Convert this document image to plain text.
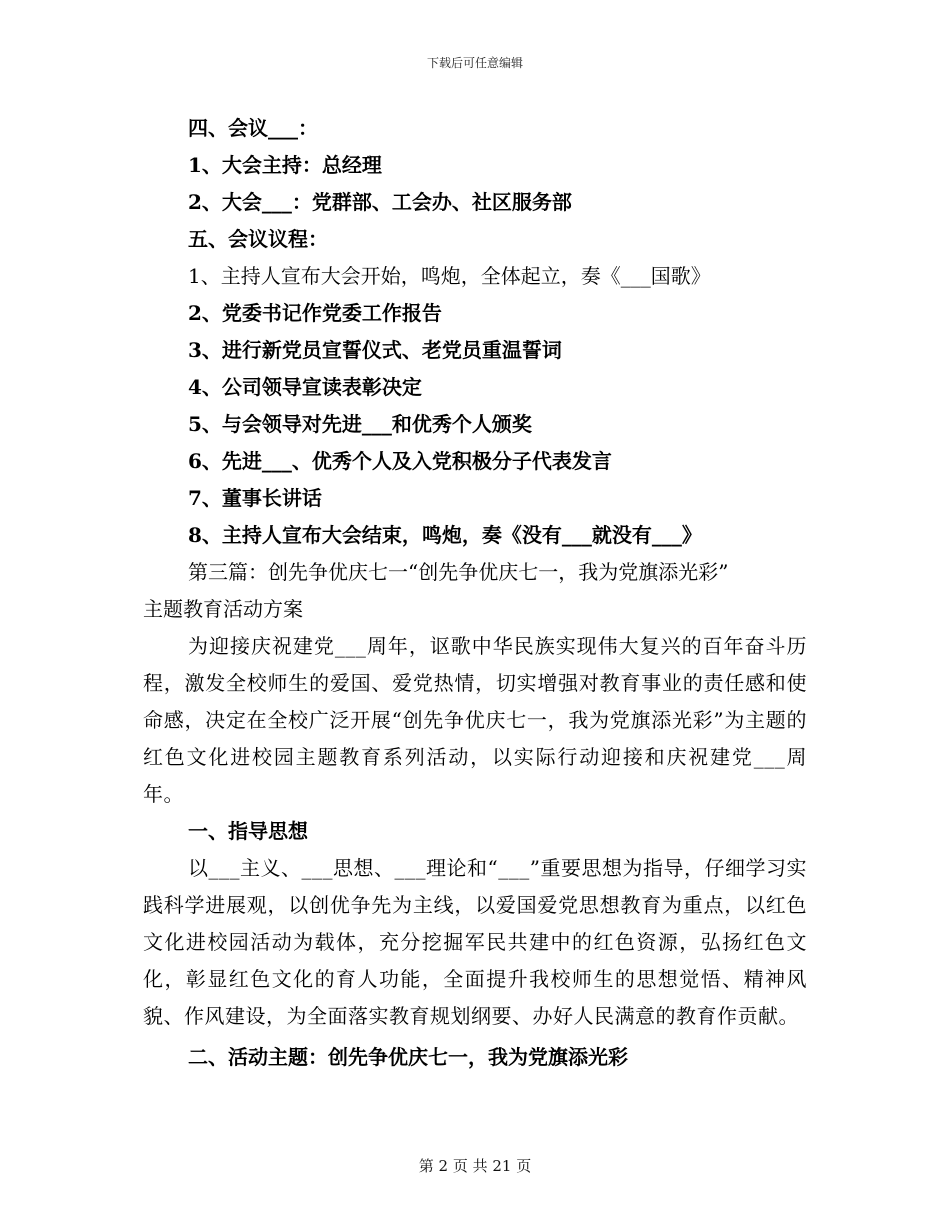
下载后可任意编辑
四、会议___：
1、大会主持：总经理
2、大会___：党群部、工会办、社区服务部
五、会议议程：
1、主持人宣布大会开始，鸣炮，全体起立，奏《___国歌》
2、党委书记作党委工作报告
3、进行新党员宣誓仪式、老党员重温誓词
4、公司领导宣读表彰决定
5、与会领导对先进___和优秀个人颁奖
6、先进___、优秀个人及入党积极分子代表发言
7、董事长讲话
8、主持人宣布大会结束，鸣炮，奏《没有___就没有___》
第三篇：创先争优庆七一“创先争优庆七一，我为党旗添光彩”
主题教育活动方案
为迎接庆祝建党___周年，讴歌中华民族实现伟大复兴的百年奋斗历程，激发全校师生的爱国、爱党热情，切实增强对教育事业的责任感和使命感，决定在全校广泛开展“创先争优庆七一，我为党旗添光彩”为主题的红色文化进校园主题教育系列活动，以实际行动迎接和庆祝建党___周年。
一、指导思想
以___主义、___思想、___理论和“___”重要思想为指导，仔细学习实践科学进展观，以创优争先为主线，以爱国爱党思想教育为重点，以红色文化进校园活动为载体，充分挖掘军民共建中的红色资源，弘扬红色文化，彰显红色文化的育人功能，全面提升我校师生的思想觉悟、精神风貌、作风建设，为全面落实教育规划纲要、办好人民满意的教育作贡献。
二、活动主题：创先争优庆七一，我为党旗添光彩
第 2 页 共 21 页
